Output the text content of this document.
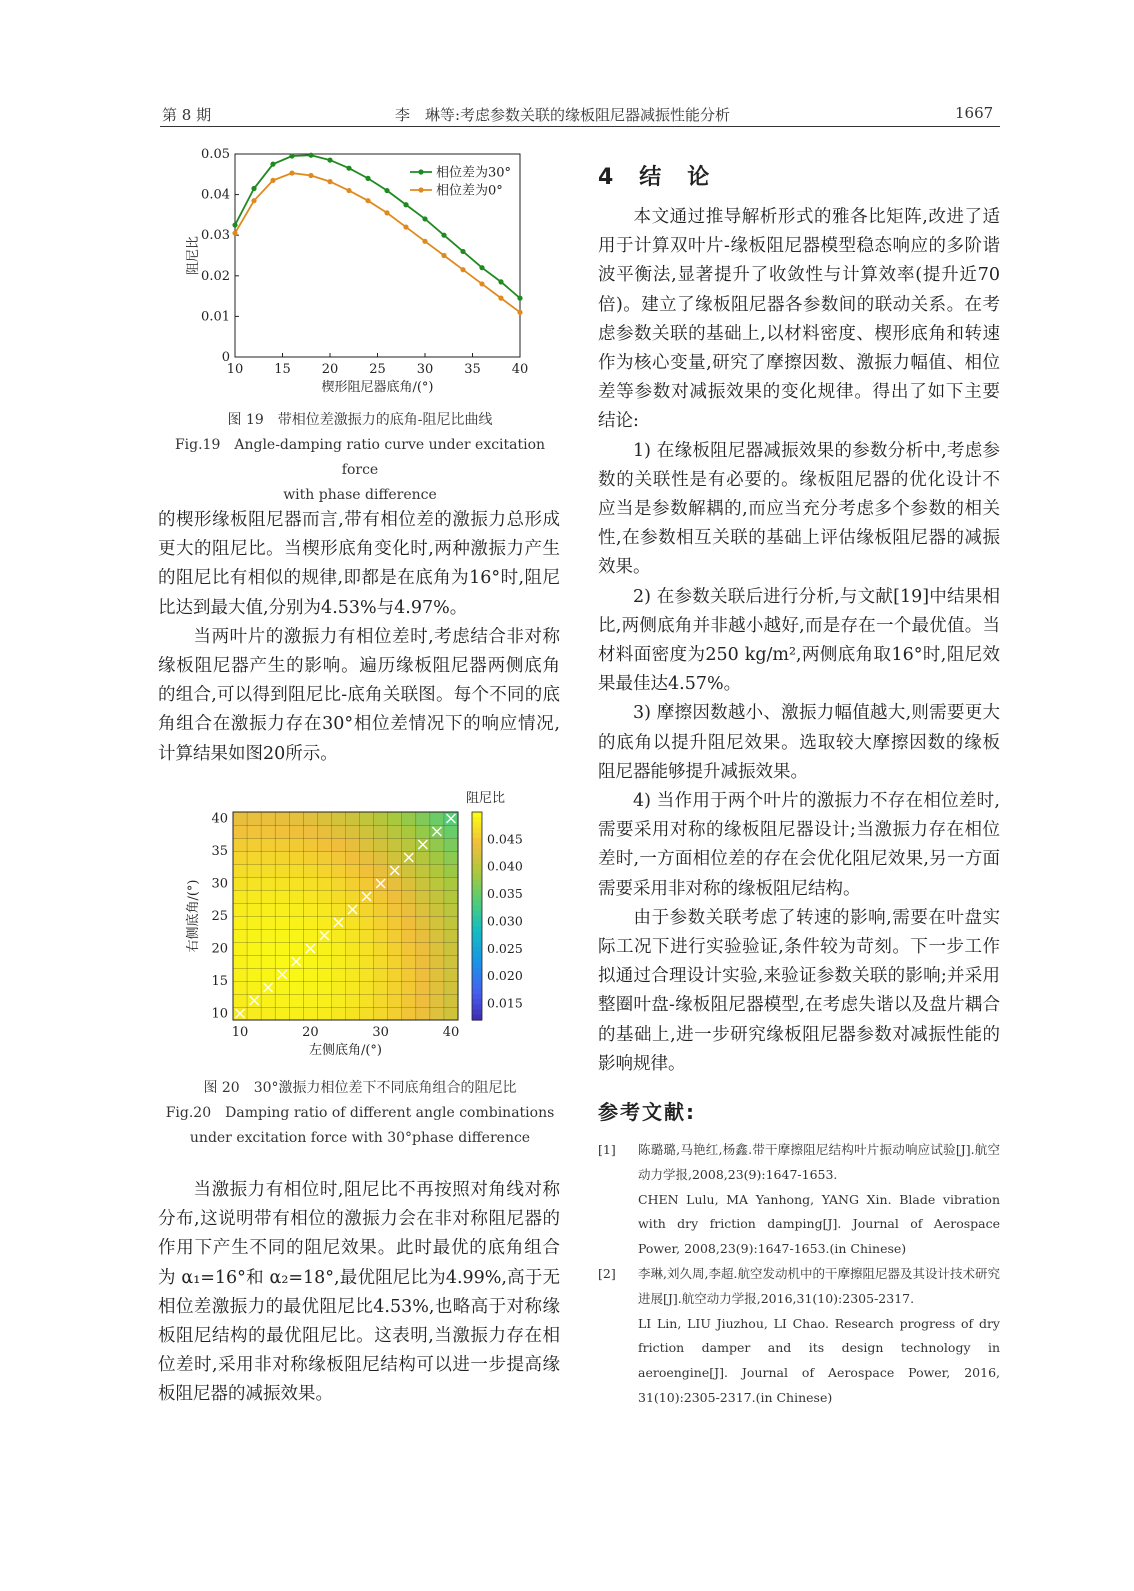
第 8 期	李　琳等:考虑参数关联的缘板阻尼器减振性能分析	1667
10 15 20 25 30 35 40
0
0.01
0.02
0.03
0.04
0.05
楔形阻尼器底角/(°)
阻尼比
相位差为30°
相位差为0°
图 19　带相位差激振力的底角-阻尼比曲线
Fig.19　Angle-damping ratio curve under excitation force
with phase difference

的楔形缘板阻尼器而言,带有相位差的激振力总形成更大的阻尼比。当楔形底角变化时,两种激振力产生的阻尼比有相似的规律,即都是在底角为16°时,阻尼比达到最大值,分别为4.53%与4.97%。

当两叶片的激振力有相位差时,考虑结合非对称缘板阻尼器产生的影响。遍历缘板阻尼器两侧底角的组合,可以得到阻尼比-底角关联图。每个不同的底角组合在激振力存在30°相位差情况下的响应情况,计算结果如图20所示。

10	20	30	40
10
15
20
25
30
35
40
左侧底角/(°)
右侧底角/(°)
0.015
0.020
0.025
0.030
0.035
0.040
0.045
阻尼比
图 20　30°激振力相位差下不同底角组合的阻尼比
Fig.20　Damping ratio of different angle combinations
under excitation force with 30°phase difference

当激振力有相位时,阻尼比不再按照对角线对称分布,这说明带有相位的激振力会在非对称阻尼器的作用下产生不同的阻尼效果。此时最优的底角组合为 α₁=16°和 α₂=18°,最优阻尼比为4.99%,高于无相位差激振力的最优阻尼比4.53%,也略高于对称缘板阻尼结构的最优阻尼比。这表明,当激振力存在相位差时,采用非对称缘板阻尼结构可以进一步提高缘板阻尼器的减振效果。

4　结　论

本文通过推导解析形式的雅各比矩阵,改进了适用于计算双叶片-缘板阻尼器模型稳态响应的多阶谐波平衡法,显著提升了收敛性与计算效率(提升近70倍)。建立了缘板阻尼器各参数间的联动关系。在考虑参数关联的基础上,以材料密度、楔形底角和转速作为核心变量,研究了摩擦因数、激振力幅值、相位差等参数对减振效果的变化规律。得出了如下主要结论:

1) 在缘板阻尼器减振效果的参数分析中,考虑参数的关联性是有必要的。缘板阻尼器的优化设计不应当是参数解耦的,而应当充分考虑多个参数的相关性,在参数相互关联的基础上评估缘板阻尼器的减振效果。

2) 在参数关联后进行分析,与文献[19]中结果相比,两侧底角并非越小越好,而是存在一个最优值。当材料面密度为250 kg/m²,两侧底角取16°时,阻尼效果最佳达4.57%。

3) 摩擦因数越小、激振力幅值越大,则需要更大的底角以提升阻尼效果。选取较大摩擦因数的缘板阻尼器能够提升减振效果。

4) 当作用于两个叶片的激振力不存在相位差时,需要采用对称的缘板阻尼器设计;当激振力存在相位差时,一方面相位差的存在会优化阻尼效果,另一方面需要采用非对称的缘板阻尼结构。

由于参数关联考虑了转速的影响,需要在叶盘实际工况下进行实验验证,条件较为苛刻。下一步工作拟通过合理设计实验,来验证参数关联的影响;并采用整圈叶盘-缘板阻尼器模型,在考虑失谐以及盘片耦合的基础上,进一步研究缘板阻尼器参数对减振性能的影响规律。

参考文献:
[1] 陈璐璐,马艳红,杨鑫.带干摩擦阻尼结构叶片振动响应试验[J].航空动力学报,2008,23(9):1647-1653.
CHEN Lulu, MA Yanhong, YANG Xin. Blade vibration with dry friction damping[J]. Journal of Aerospace Power, 2008,23(9):1647-1653.(in Chinese)
[2] 李琳,刘久周,李超.航空发动机中的干摩擦阻尼器及其设计技术研究进展[J].航空动力学报,2016,31(10):2305-2317.
LI Lin, LIU Jiuzhou, LI Chao. Research progress of dry friction damper and its design technology in aeroengine[J]. Journal of Aerospace Power, 2016, 31(10):2305-2317.(in Chinese)
